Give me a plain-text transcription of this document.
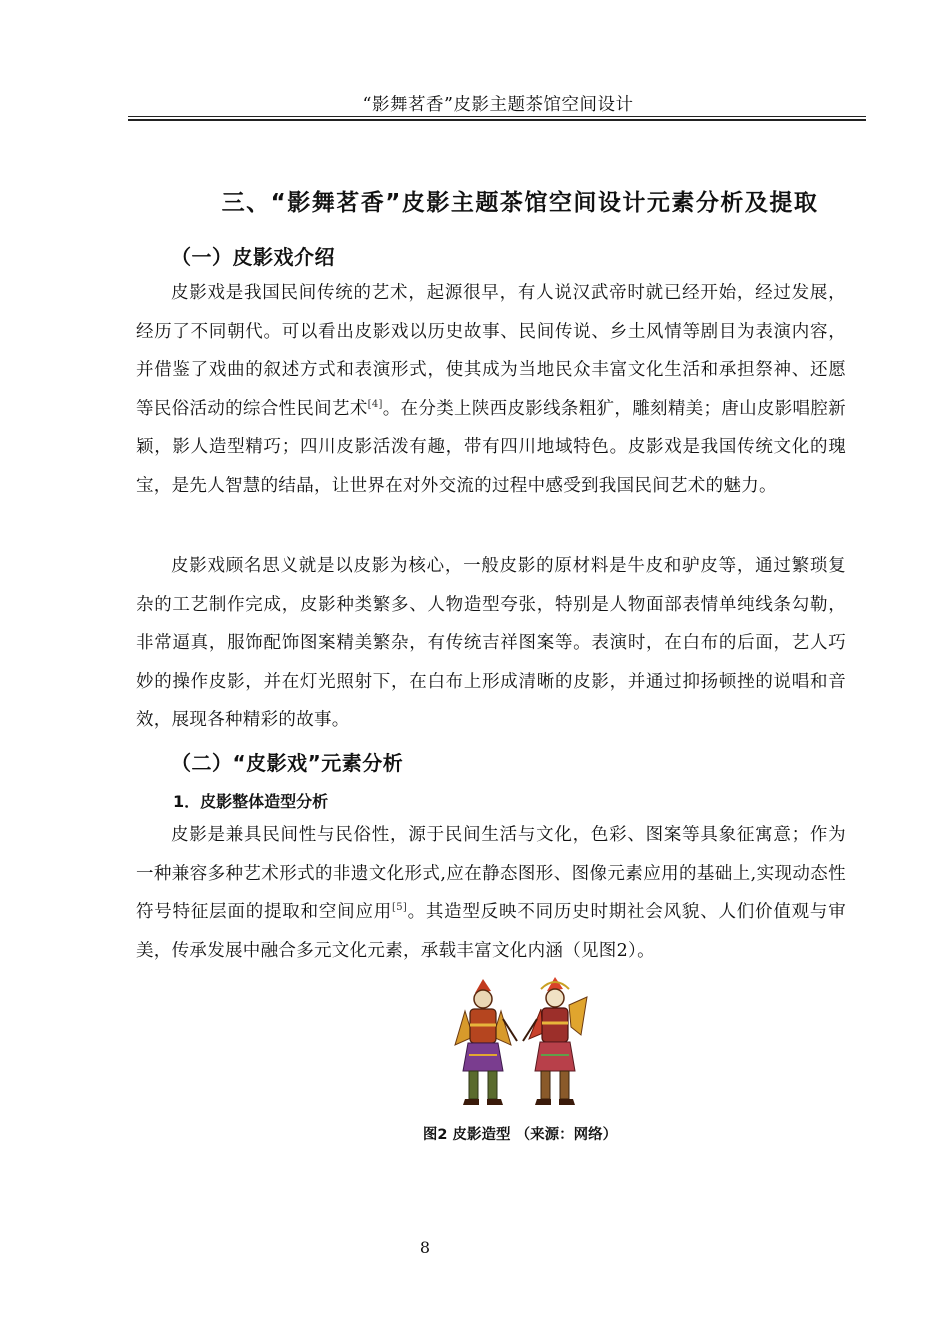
“影舞茗香”皮影主题茶馆空间设计
三、“影舞茗香”皮影主题茶馆空间设计元素分析及提取
（一）皮影戏介绍

皮影戏是我国民间传统的艺术，起源很早，有人说汉武帝时就已经开始，经过发展，经历了不同朝代。可以看出皮影戏以历史故事、民间传说、乡土风情等剧目为表演内容，并借鉴了戏曲的叙述方式和表演形式，使其成为当地民众丰富文化生活和承担祭神、还愿等民俗活动的综合性民间艺术[4]。在分类上陕西皮影线条粗犷，雕刻精美；唐山皮影唱腔新颖，影人造型精巧；四川皮影活泼有趣，带有四川地域特色。皮影戏是我国传统文化的瑰宝，是先人智慧的结晶，让世界在对外交流的过程中感受到我国民间艺术的魅力。

皮影戏顾名思义就是以皮影为核心，一般皮影的原材料是牛皮和驴皮等，通过繁琐复杂的工艺制作完成，皮影种类繁多、人物造型夸张，特别是人物面部表情单纯线条勾勒，非常逼真，服饰配饰图案精美繁杂，有传统吉祥图案等。表演时，在白布的后面，艺人巧妙的操作皮影，并在灯光照射下，在白布上形成清晰的皮影，并通过抑扬顿挫的说唱和音效，展现各种精彩的故事。

（二）“皮影戏”元素分析
1．皮影整体造型分析

皮影是兼具民间性与民俗性，源于民间生活与文化，色彩、图案等具象征寓意；作为一种兼容多种艺术形式的非遗文化形式,应在静态图形、图像元素应用的基础上,实现动态性符号特征层面的提取和空间应用[5]。其造型反映不同历史时期社会风貌、人们价值观与审美，传承发展中融合多元文化元素，承载丰富文化内涵（见图2）。

图2 皮影造型 （来源：网络）
8
